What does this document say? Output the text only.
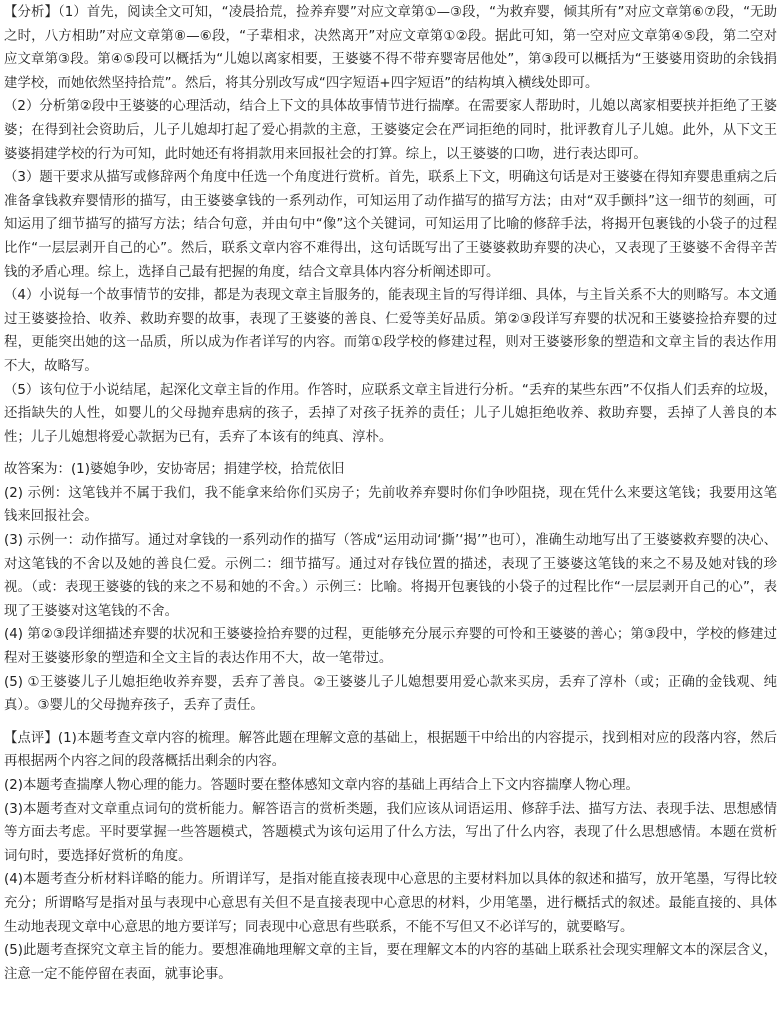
【分析】（1）首先，阅读全文可知，“凌晨拾荒，捡养弃婴”对应文章第①—③段，“为救弃婴，倾其所有”对应文章第⑥⑦段，“无助之时，八方相助”对应文章第⑧—⑥段，“子辈相求，决然离开”对应文章第①②段。据此可知，第一空对应文章第④⑤段，第二空对应文章第③段。第④⑤段可以概括为“儿媳以离家相要，王婆婆不得不带弃婴寄居他处”，第③段可以概括为“王婆婆用资助的余钱捐建学校，而她依然坚持拾荒”。然后，将其分别改写成“四字短语+四字短语”的结构填入横线处即可。

（2）分析第②段中王婆婆的心理活动，结合上下文的具体故事情节进行揣摩。在需要家人帮助时，儿媳以离家相要挟并拒绝了王婆婆；在得到社会资助后，儿子儿媳却打起了爱心捐款的主意，王婆婆定会在严词拒绝的同时，批评教育儿子儿媳。此外，从下文王婆婆捐建学校的行为可知，此时她还有将捐款用来回报社会的打算。综上，以王婆婆的口吻，进行表达即可。

（3）题干要求从描写或修辞两个角度中任选一个角度进行赏析。首先，联系上下文，明确这句话是对王婆婆在得知弃婴患重病之后准备拿钱救弃婴情形的描写，由王婆婆拿钱的一系列动作，可知运用了动作描写的描写方法；由对“双手颤抖”这一细节的刻画，可知运用了细节描写的描写方法；结合句意，并由句中“像”这个关键词，可知运用了比喻的修辞手法，将揭开包裹钱的小袋子的过程比作“一层层剥开自己的心”。然后，联系文章内容不难得出，这句话既写出了王婆婆救助弃婴的决心，又表现了王婆婆不舍得辛苦钱的矛盾心理。综上，选择自己最有把握的角度，结合文章具体内容分析阐述即可。

（4）小说每一个故事情节的安排，都是为表现文章主旨服务的，能表现主旨的写得详细、具体，与主旨关系不大的则略写。本文通过王婆婆捡拾、收养、救助弃婴的故事，表现了王婆婆的善良、仁爱等美好品质。第②③段详写弃婴的状况和王婆婆捡拾弃婴的过程，更能突出她的这一品质，所以成为作者详写的内容。而第①段学校的修建过程，则对王婆婆形象的塑造和文章主旨的表达作用不大，故略写。

（5）该句位于小说结尾，起深化文章主旨的作用。作答时，应联系文章主旨进行分析。“丢弃的某些东西”不仅指人们丢弃的垃圾，还指缺失的人性，如婴儿的父母抛弃患病的孩子，丢掉了对孩子抚养的责任；儿子儿媳拒绝收养、救助弃婴，丢掉了人善良的本性；儿子儿媳想将爱心款据为已有，丢弃了本该有的纯真、淳朴。

故答案为：(1)婆媳争吵，安协寄居；捐建学校，拾荒依旧

(2) 示例：这笔钱并不属于我们，我不能拿来给你们买房子；先前收养弃婴时你们争吵阻挠，现在凭什么来要这笔钱；我要用这笔钱来回报社会。

(3) 示例一：动作描写。通过对拿钱的一系列动作的描写（答成“运用动词‘撕’‘揭’”也可），准确生动地写出了王婆婆救弃婴的决心、对这笔钱的不舍以及她的善良仁爱。示例二：细节描写。通过对存钱位置的描述，表现了王婆婆这笔钱的来之不易及她对钱的珍视。（或：表现王婆婆的钱的来之不易和她的不舍。）示例三：比喻。将揭开包裹钱的小袋子的过程比作“一层层剥开自己的心”，表现了王婆婆对这笔钱的不舍。

(4) 第②③段详细描述弃婴的状况和王婆婆捡拾弃婴的过程，更能够充分展示弃婴的可怜和王婆婆的善心；第③段中，学校的修建过程对王婆婆形象的塑造和全文主旨的表达作用不大，故一笔带过。

(5) ①王婆婆儿子儿媳拒绝收养弃婴，丢弃了善良。②王婆婆儿子儿媳想要用爱心款来买房，丢弃了淳朴（或；正确的金钱观、纯真）。③婴儿的父母抛弃孩子，丢弃了责任。

【点评】(1)本题考查文章内容的梳理。解答此题在理解文意的基础上，根据题干中给出的内容提示，找到相对应的段落内容，然后再根据两个内容之间的段落概括出剩余的内容。

(2)本题考查揣摩人物心理的能力。答题时要在整体感知文章内容的基础上再结合上下文内容揣摩人物心理。

(3)本题考查对文章重点词句的赏析能力。解答语言的赏析类题，我们应该从词语运用、修辞手法、描写方法、表现手法、思想感情等方面去考虑。平时要掌握一些答题模式，答题模式为该句运用了什么方法，写出了什么内容，表现了什么思想感情。本题在赏析词句时，要选择好赏析的角度。

(4)本题考查分析材料详略的能力。所谓详写，是指对能直接表现中心意思的主要材料加以具体的叙述和描写，放开笔墨，写得比较充分；所谓略写是指对虽与表现中心意思有关但不是直接表现中心意思的材料，少用笔墨，进行概括式的叙述。最能直接的、具体生动地表现文章中心意思的地方要详写；同表现中心意思有些联系，不能不写但又不必详写的，就要略写。

(5)此题考查探究文章主旨的能力。要想准确地理解文章的主旨，要在理解文本的内容的基础上联系社会现实理解文本的深层含义，注意一定不能停留在表面，就事论事。
